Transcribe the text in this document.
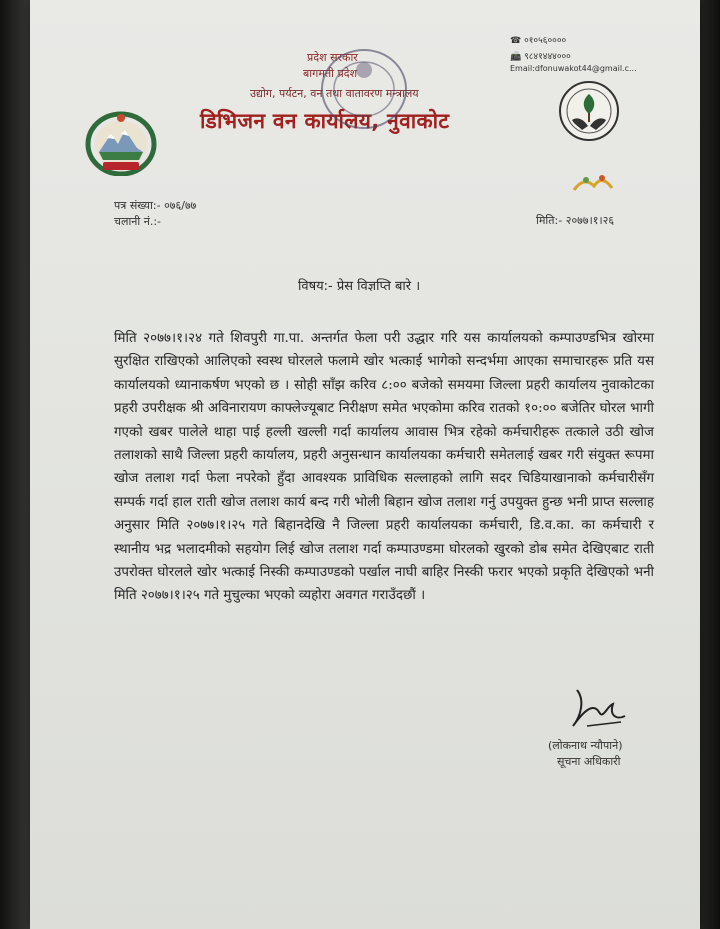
प्रदेश सरकार
बागमती प्रदेश
उद्योग, पर्यटन, वन तथा वातावरण मन्त्रालय
डिभिजन वन कार्यालय, नुवाकोट
☎ ०१०५६००००
📠 ९८४१४४४०००
Email:dfonuwakot44@gmail.c...
पत्र संख्या:- ०७६/७७
चलानी नं.:-	मिति:- २०७७।१।२६
विषय:- प्रेस विज्ञप्ति बारे ।

मिति २०७७।१।२४ गते शिवपुरी गा.पा. अन्तर्गत फेला परी उद्धार गरि यस कार्यालयको कम्पाउण्डभित्र खोरमा सुरक्षित राखिएको आलिएको स्वस्थ घोरलले फलामे खोर भत्काई भागेको सन्दर्भमा आएका समाचारहरू प्रति यस कार्यालयको ध्यानाकर्षण भएको छ । सोही साँझ करिव ८:०० बजेको समयमा जिल्ला प्रहरी कार्यालय नुवाकोटका प्रहरी उपरीक्षक श्री अविनारायण काफ्लेज्यूबाट निरीक्षण समेत भएकोमा करिव रातको १०:०० बजेतिर घोरल भागी गएको खबर पालेले थाहा पाई हल्ली खल्ली गर्दा कार्यालय आवास भित्र रहेको कर्मचारीहरू तत्काले उठी खोज तलाशको साथै जिल्ला प्रहरी कार्यालय, प्रहरी अनुसन्धान कार्यालयका कर्मचारी समेतलाई खबर गरी संयुक्त रूपमा खोज तलाश गर्दा फेला नपरेको हुँदा आवश्यक प्राविधिक सल्लाहको लागि सदर चिडियाखानाको कर्मचारीसँग सम्पर्क गर्दा हाल राती खोज तलाश कार्य बन्द गरी भोली बिहान खोज तलाश गर्नु उपयुक्त हुन्छ भनी प्राप्त सल्लाह अनुसार मिति २०७७।१।२५ गते बिहानदेखि नै जिल्ला प्रहरी कार्यालयका कर्मचारी, डि.व.का. का कर्मचारी र स्थानीय भद्र भलादमीको सहयोग लिई खोज तलाश गर्दा कम्पाउण्डमा घोरलको खुरको डोब समेत देखिएबाट राती उपरोक्त घोरलले खोर भत्काई निस्की कम्पाउण्डको पर्खाल नाघी बाहिर निस्की फरार भएको प्रकृति देखिएको भनी मिति २०७७।१।२५ गते मुचुल्का भएको व्यहोरा अवगत गराउँदछौं ।

(लोकनाथ न्यौपाने)
सूचना अधिकारी
